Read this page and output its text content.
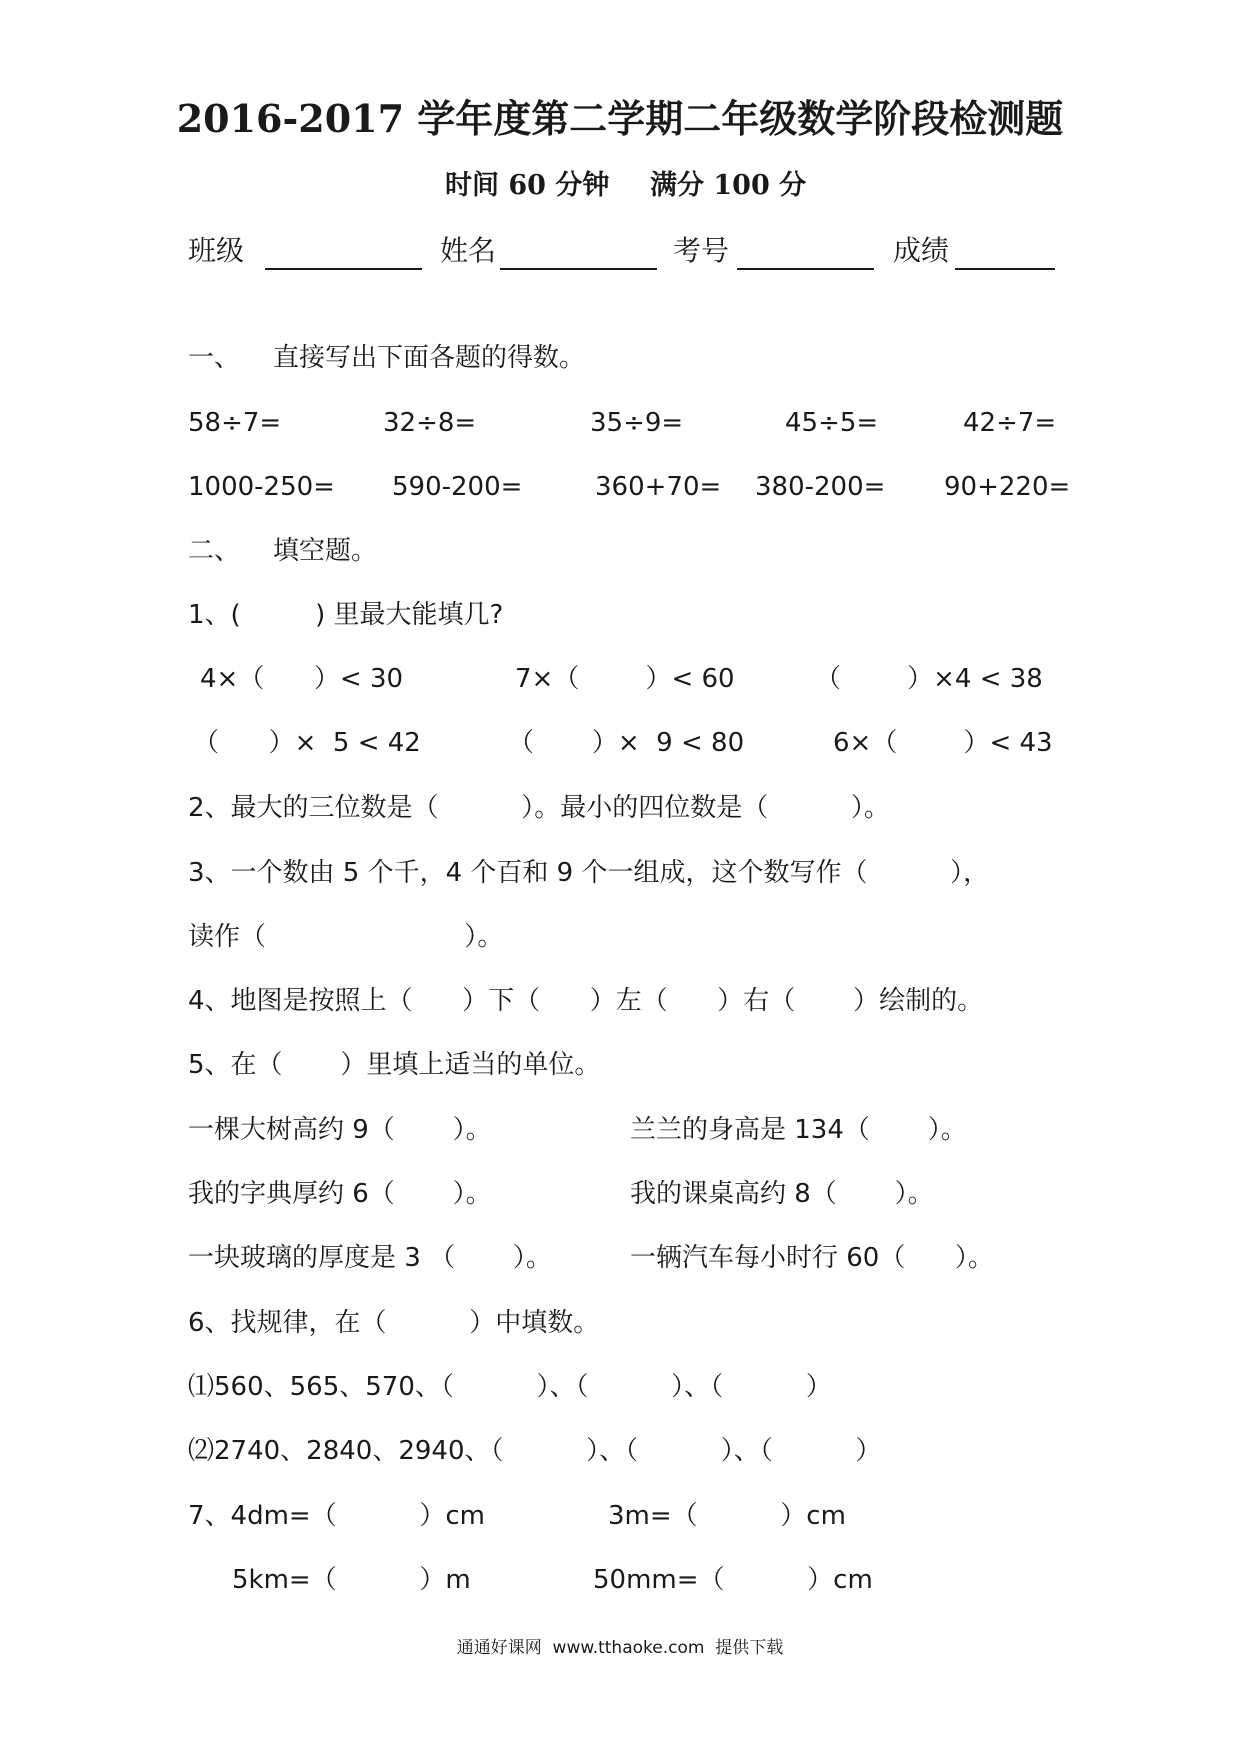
2016-2017 学年度第二学期二年级数学阶段检测题
时间 60 分钟 满分 100 分
班级	姓名	考号	成绩
一、    直接写出下面各题的得数。
58÷7=	32÷8=	35÷9=	45÷5=	42÷7=
1000-250= 590-200=	360+70= 380-200= 90+220=
二、    填空题。
1、(         ) 里最大能填几?
4×（      ）< 30	7×（        ）< 60	（        ）×4 < 38
（      ）×  5 < 42	（       ）×  9 < 80	6×（        ）< 43
2、最大的三位数是（          ）。最小的四位数是（          ）。
3、一个数由 5 个千，4 个百和 9 个一组成，这个数写作（          ），
读作（                        ）。
4、地图是按照上（      ）下（      ）左（      ）右（       ）绘制的。
5、在（       ）里填上适当的单位。
一棵大树高约 9（       ）。	兰兰的身高是 134（       ）。
我的字典厚约 6（       ）。	我的课桌高约 8（       ）。
一块玻璃的厚度是 3 （       ）。	一辆汽车每小时行 60（      ）。
6、找规律，在（          ）中填数。
⑴560、565、570、（          ）、（          ）、（          ）
⑵2740、2840、2940、（          ）、（          ）、（          ）
7、4dm=（          ）cm	3m=（          ）cm
5km=（          ）m	50mm=（          ）cm
通通好课网  www.tthaoke.com  提供下载
